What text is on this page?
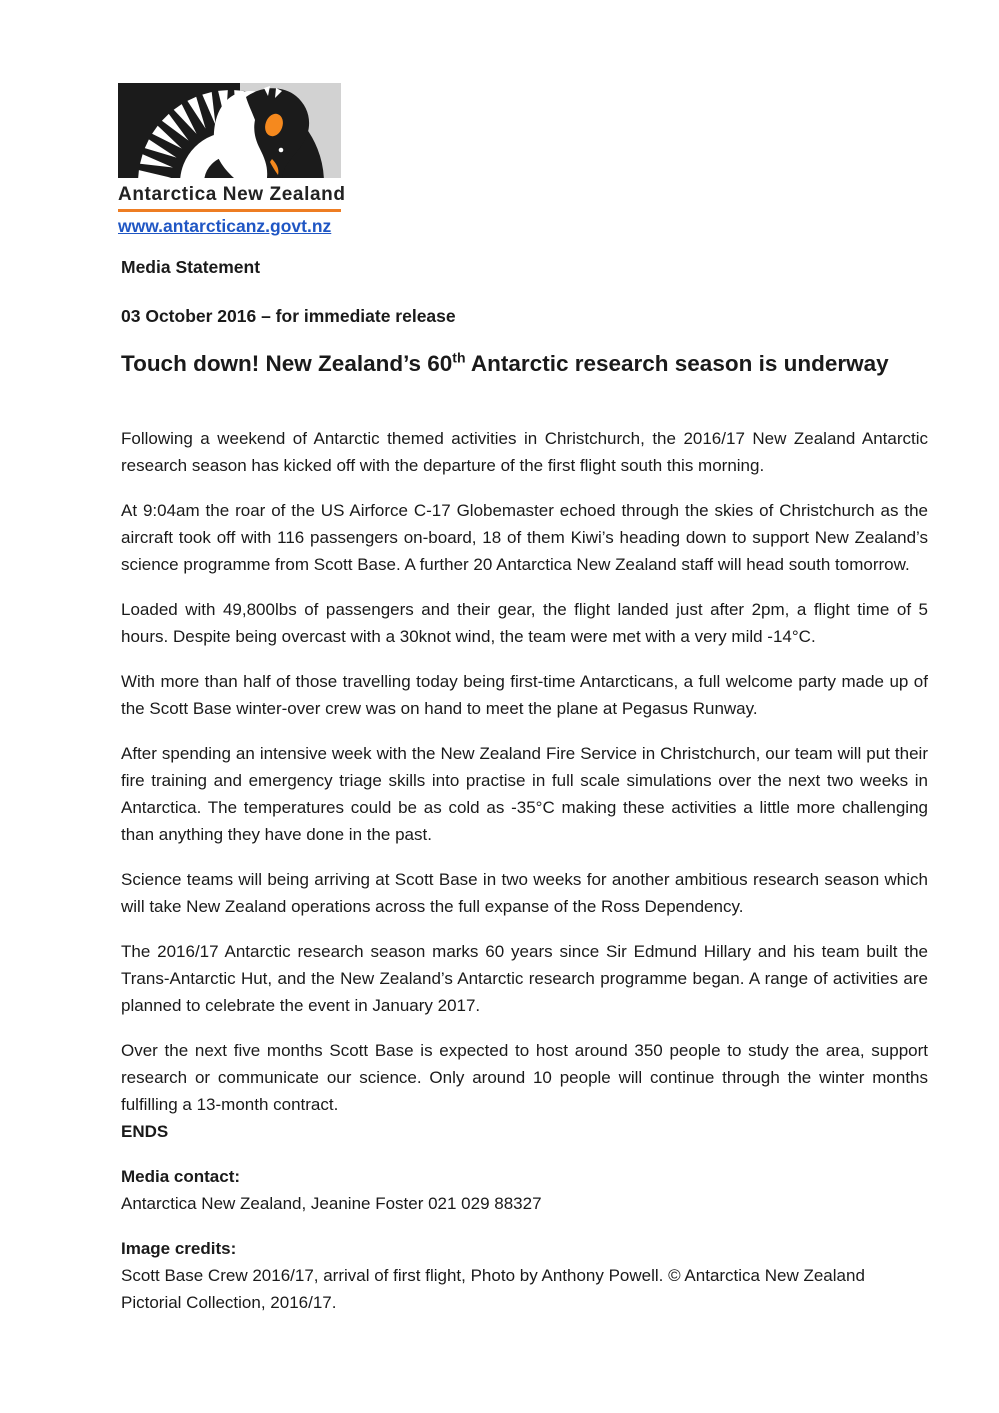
Antarctica New Zealand
www.antarcticanz.govt.nz
Media Statement
03 October 2016 – for immediate release
Touch down! New Zealand’s 60th Antarctic research season is underway

Following a weekend of Antarctic themed activities in Christchurch, the 2016/17 New Zealand Antarctic research season has kicked off with the departure of the first flight south this morning.

At 9:04am the roar of the US Airforce C-17 Globemaster echoed through the skies of Christchurch as the aircraft took off with 116 passengers on-board, 18 of them Kiwi’s heading down to support New Zealand’s science programme from Scott Base. A further 20 Antarctica New Zealand staff will head south tomorrow.

Loaded with 49,800lbs of passengers and their gear, the flight landed just after 2pm, a flight time of 5 hours. Despite being overcast with a 30knot wind, the team were met with a very mild -14°C.

With more than half of those travelling today being first-time Antarcticans, a full welcome party made up of the Scott Base winter-over crew was on hand to meet the plane at Pegasus Runway.

After spending an intensive week with the New Zealand Fire Service in Christchurch, our team will put their fire training and emergency triage skills into practise in full scale simulations over the next two weeks in Antarctica. The temperatures could be as cold as -35°C making these activities a little more challenging than anything they have done in the past.

Science teams will being arriving at Scott Base in two weeks for another ambitious research season which will take New Zealand operations across the full expanse of the Ross Dependency.

The 2016/17 Antarctic research season marks 60 years since Sir Edmund Hillary and his team built the Trans-Antarctic Hut, and the New Zealand’s Antarctic research programme began. A range of activities are planned to celebrate the event in January 2017.

Over the next five months Scott Base is expected to host around 350 people to study the area, support research or communicate our science. Only around 10 people will continue through the winter months fulfilling a 13-month contract.

ENDS
Media contact:
Antarctica New Zealand, Jeanine Foster 021 029 88327
Image credits:
Scott Base Crew 2016/17, arrival of first flight, Photo by Anthony Powell. © Antarctica New Zealand Pictorial Collection, 2016/17.
